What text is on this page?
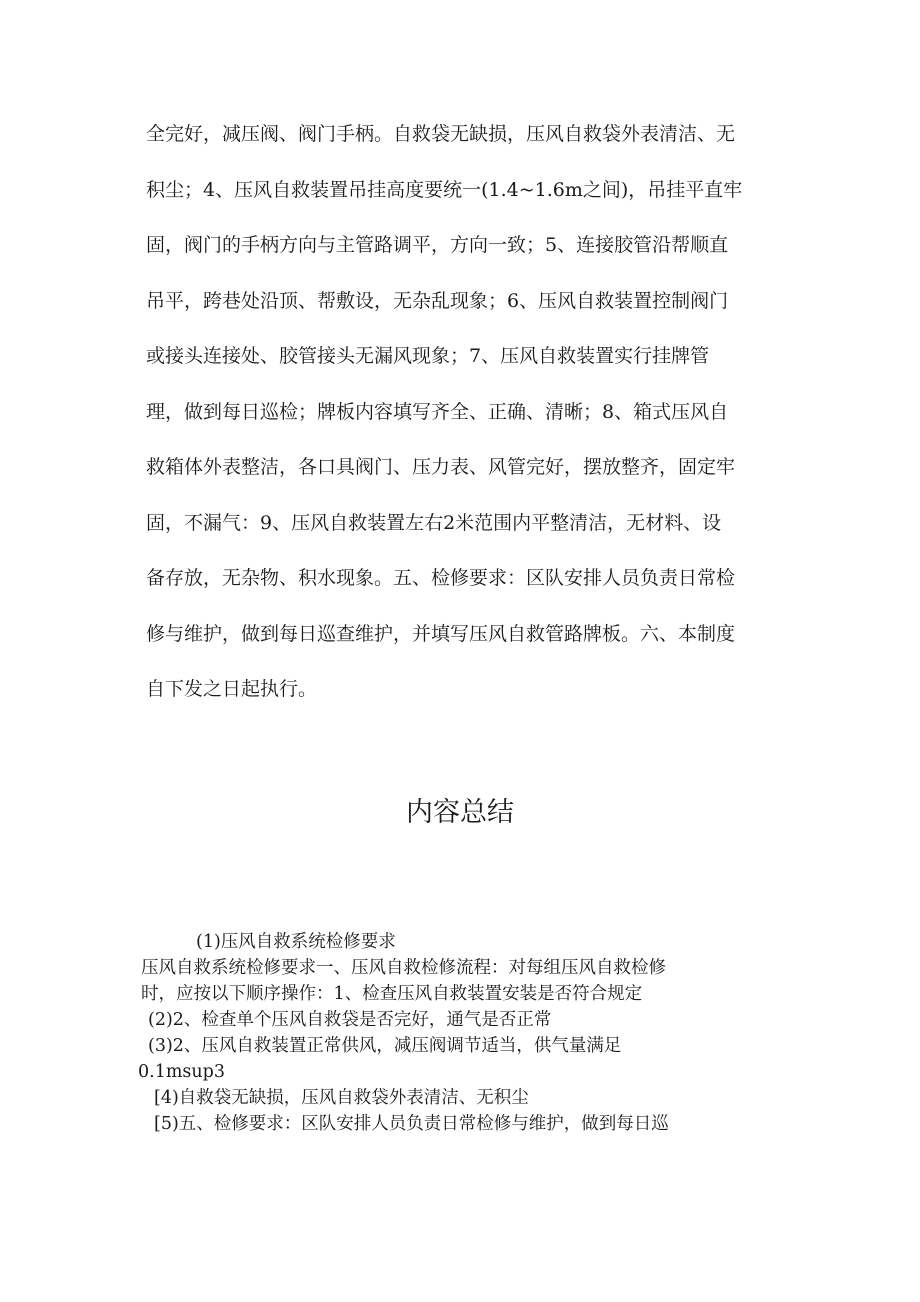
全完好，减压阀、阀门手柄。自救袋无缺损，压风自救袋外表清洁、无
积尘；4、压风自救装置吊挂高度要统一(1.4~1.6m之间)，吊挂平直牢
固，阀门的手柄方向与主管路调平，方向一致；5、连接胶管沿帮顺直
吊平，跨巷处沿顶、帮敷设，无杂乱现象；6、压风自救装置控制阀门
或接头连接处、胶管接头无漏风现象；7、压风自救装置实行挂牌管
理，做到每日巡检；牌板内容填写齐全、正确、清晰；8、箱式压风自
救箱体外表整洁，各口具阀门、压力表、风管完好，摆放整齐，固定牢
固，不漏气：9、压风自救装置左右2米范围内平整清洁，无材料、设
备存放，无杂物、积水现象。五、检修要求：区队安排人员负责日常检
修与维护，做到每日巡查维护，并填写压风自救管路牌板。六、本制度
自下发之日起执行。
内容总结
(1)压风自救系统检修要求
压风自救系统检修要求一、压风自救检修流程：对每组压风自救检修
时，应按以下顺序操作：1、检查压风自救装置安装是否符合规定
(2)2、检查单个压风自救袋是否完好，通气是否正常
(3)2、压风自救装置正常供风，减压阀调节适当，供气量满足
0.1msup3
[4)自救袋无缺损，压风自救袋外表清洁、无积尘
[5)五、检修要求：区队安排人员负责日常检修与维护，做到每日巡
